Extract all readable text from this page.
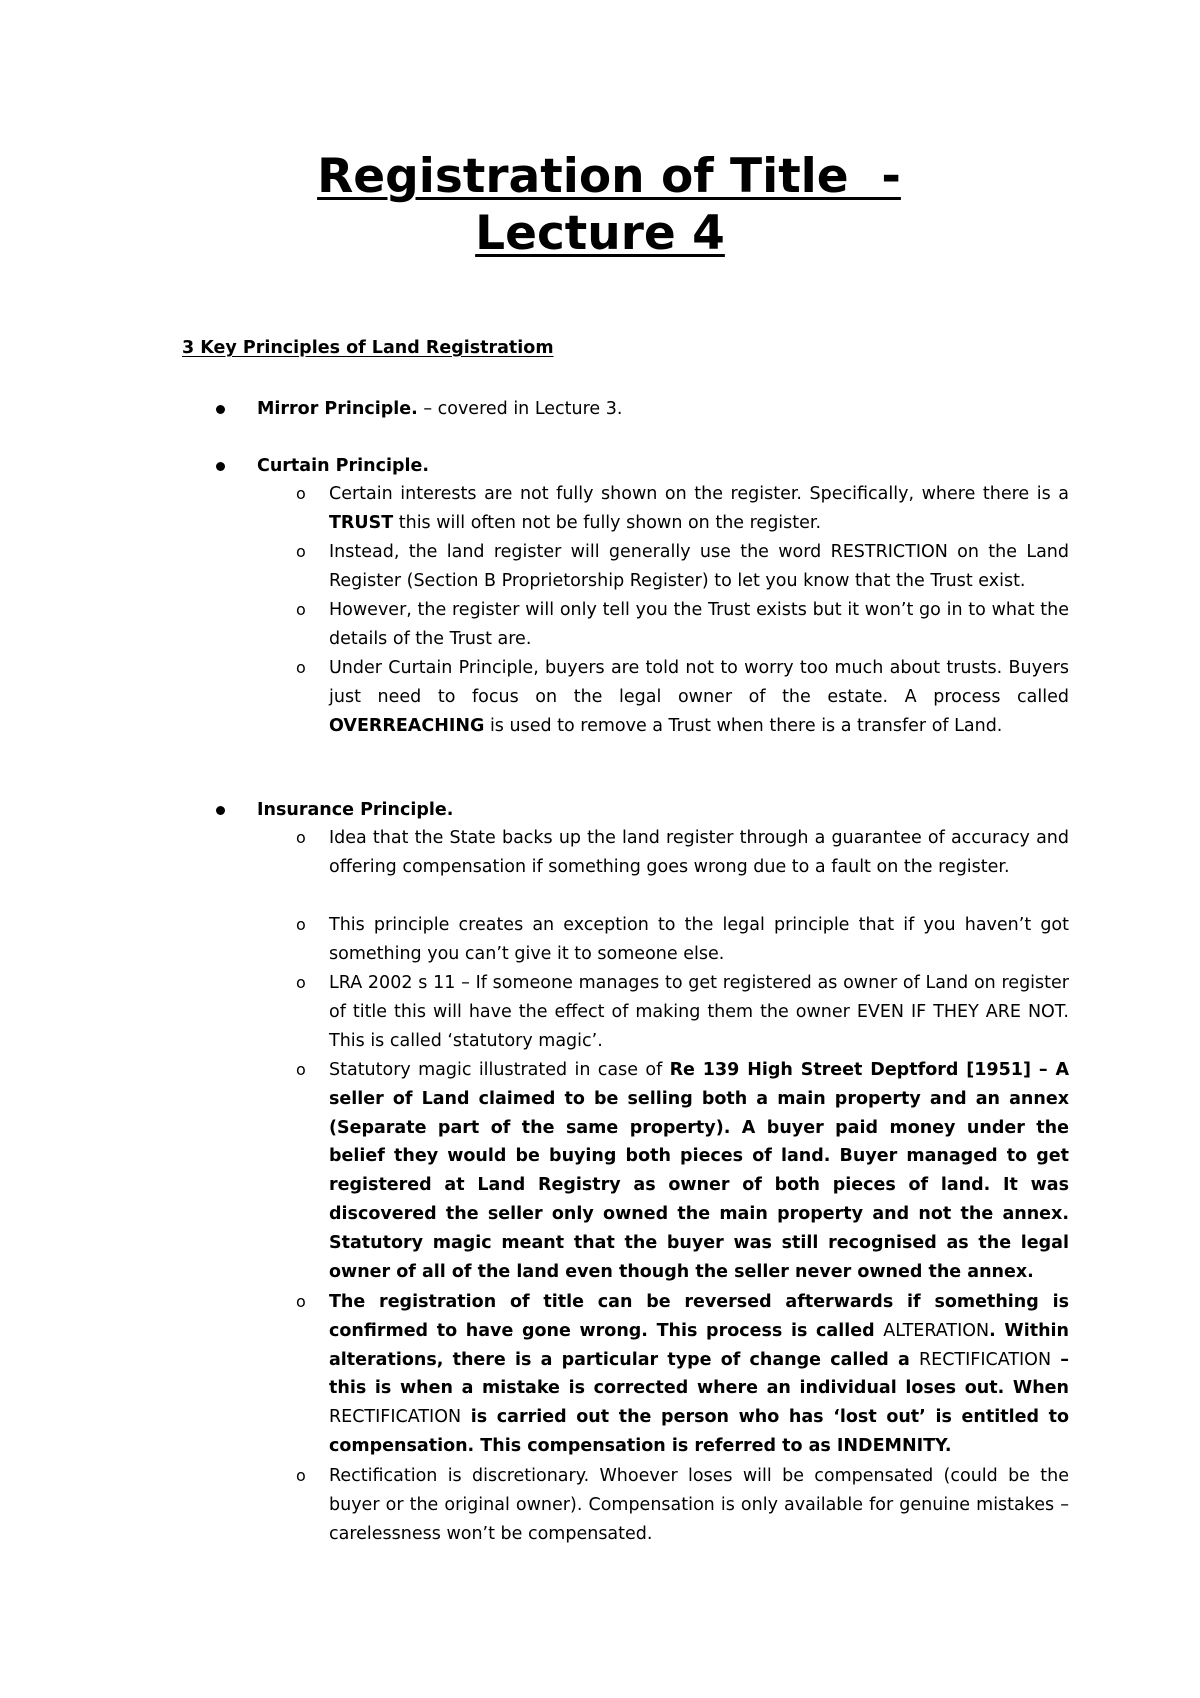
Registration of Title  -
Lecture 4
3 Key Principles of Land Registratiom
Mirror Principle. – covered in Lecture 3.
Curtain Principle.
o Certain interests are not fully shown on the register. Specifically, where there is a TRUST this will often not be fully shown on the register.
o Instead, the land register will generally use the word RESTRICTION on the Land Register (Section B Proprietorship Register) to let you know that the Trust exist.
o However, the register will only tell you the Trust exists but it won’t go in to what the details of the Trust are.
o Under Curtain Principle, buyers are told not to worry too much about trusts. Buyers just need to focus on the legal owner of the estate. A process called OVERREACHING is used to remove a Trust when there is a transfer of Land.
Insurance Principle.
o Idea that the State backs up the land register through a guarantee of accuracy and offering compensation if something goes wrong due to a fault on the register.
o This principle creates an exception to the legal principle that if you haven’t got something you can’t give it to someone else.
o LRA 2002 s 11 – If someone manages to get registered as owner of Land on register of title this will have the effect of making them the owner EVEN IF THEY ARE NOT. This is called ‘statutory magic’.
o Statutory magic illustrated in case of Re 139 High Street Deptford [1951] – A seller of Land claimed to be selling both a main property and an annex (Separate part of the same property). A buyer paid money under the belief they would be buying both pieces of land. Buyer managed to get registered at Land Registry as owner of both pieces of land. It was discovered the seller only owned the main property and not the annex. Statutory magic meant that the buyer was still recognised as the legal owner of all of the land even though the seller never owned the annex.
o The registration of title can be reversed afterwards if something is confirmed to have gone wrong. This process is called ALTERATION. Within alterations, there is a particular type of change called a RECTIFICATION – this is when a mistake is corrected where an individual loses out. When RECTIFICATION is carried out the person who has ‘lost out’ is entitled to compensation. This compensation is referred to as INDEMNITY.
o Rectification is discretionary. Whoever loses will be compensated (could be the buyer or the original owner). Compensation is only available for genuine mistakes – carelessness won’t be compensated.
